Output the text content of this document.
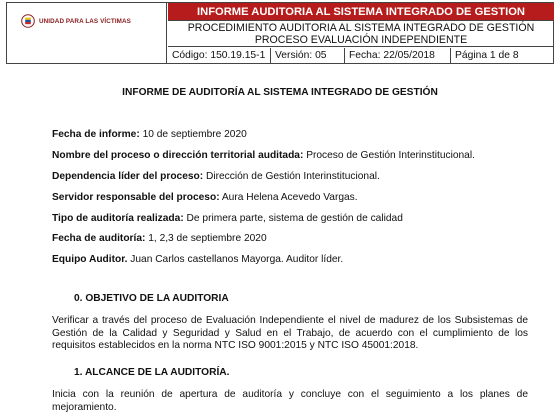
UNIDAD PARA LAS VÍCTIMAS
INFORME AUDITORIA AL SISTEMA INTEGRADO DE GESTION
PROCEDIMIENTO AUDITORIA AL SISTEMA INTEGRADO DE GESTIÓN
PROCESO EVALUACIÓN INDEPENDIENTE
Código: 150.19.15-1 Versión: 05	Fecha: 22/05/2018	Página 1 de 8
INFORME DE AUDITORÍA AL SISTEMA INTEGRADO DE GESTIÓN
Fecha de informe: 10 de septiembre 2020
Nombre del proceso o dirección territorial auditada: Proceso de Gestión Interinstitucional.
Dependencia líder del proceso: Dirección de Gestión Interinstitucional.
Servidor responsable del proceso: Aura Helena Acevedo Vargas.
Tipo de auditoría realizada: De primera parte, sistema de gestión de calidad
Fecha de auditoría: 1, 2,3 de septiembre 2020
Equipo Auditor. Juan Carlos castellanos Mayorga. Auditor líder.
0. OBJETIVO DE LA AUDITORIA
Verificar a través del proceso de Evaluación Independiente el nivel de madurez de los Subsistemas de Gestión de la Calidad y Seguridad y Salud en el Trabajo, de acuerdo con el cumplimiento de los requisitos establecidos en la norma NTC ISO 9001:2015 y NTC ISO 45001:2018.
1. ALCANCE DE LA AUDITORÍA.
Inicia con la reunión de apertura de auditoría y concluye con el seguimiento a los planes de mejoramiento.
